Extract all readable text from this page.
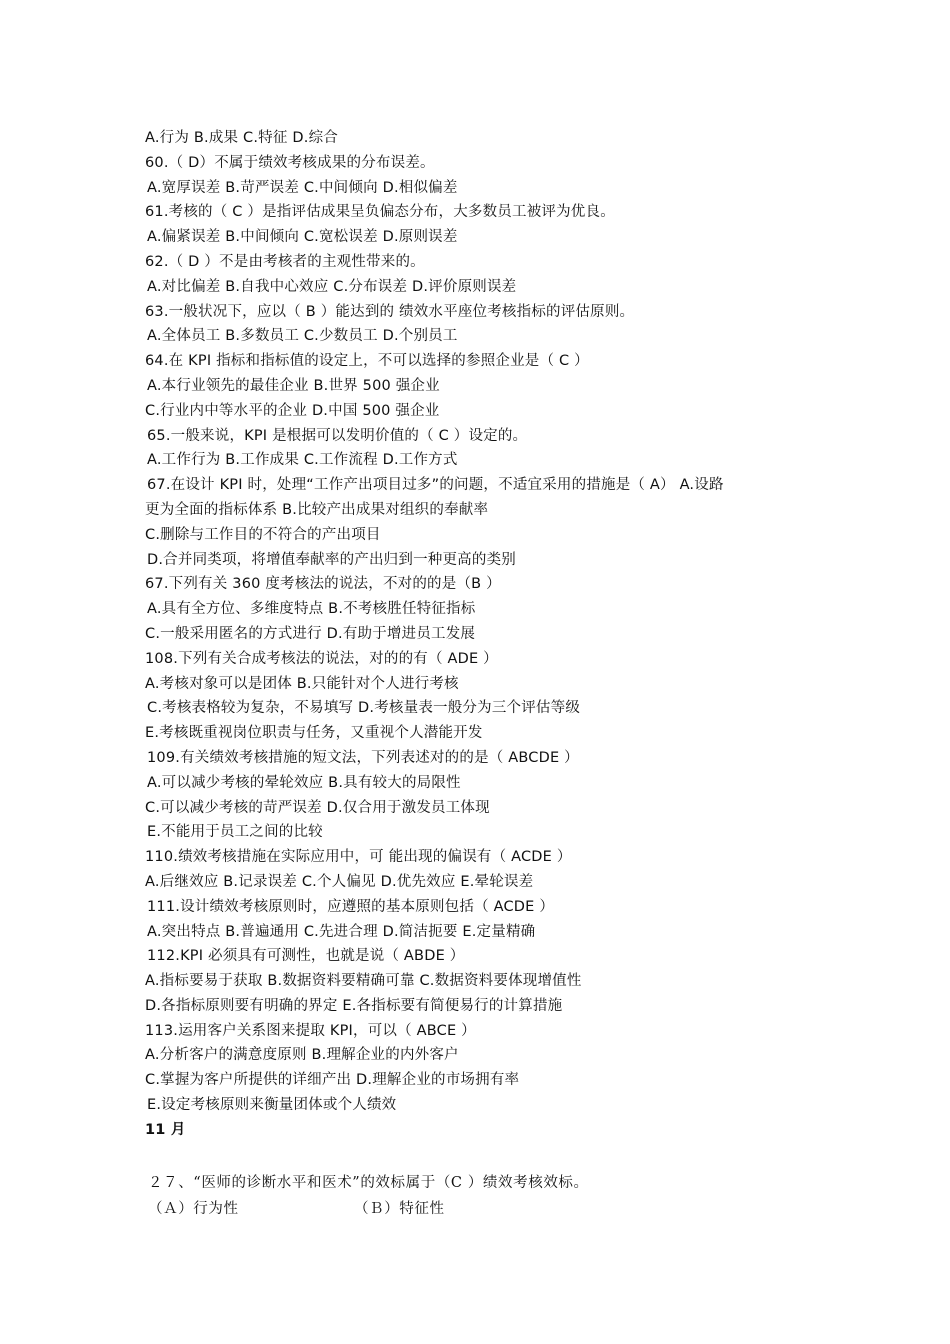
A.行为 B.成果 C.特征 D.综合
60.（ D）不属于绩效考核成果的分布误差。
A.宽厚误差 B.苛严误差 C.中间倾向 D.相似偏差
61.考核的（ C ）是指评估成果呈负偏态分布，大多数员工被评为优良。
A.偏紧误差 B.中间倾向 C.宽松误差 D.原则误差
62.（ D ）不是由考核者的主观性带来的。
A.对比偏差 B.自我中心效应 C.分布误差 D.评价原则误差
63.一般状况下，应以（ B ）能达到的 绩效水平座位考核指标的评估原则。
A.全体员工 B.多数员工 C.少数员工 D.个别员工
64.在 KPI 指标和指标值的设定上，不可以选择的参照企业是（ C ）
A.本行业领先的最佳企业 B.世界 500 强企业
C.行业内中等水平的企业 D.中国 500 强企业
65.一般来说，KPI 是根据可以发明价值的（ C ）设定的。
A.工作行为 B.工作成果 C.工作流程 D.工作方式
67.在设计 KPI 时，处理“工作产出项目过多”的问题，不适宜采用的措施是（ A） A.设路
更为全面的指标体系 B.比较产出成果对组织的奉献率
C.删除与工作目的不符合的产出项目
D.合并同类项，将增值奉献率的产出归到一种更高的类别
67.下列有关 360 度考核法的说法，不对的的是（B ）
A.具有全方位、多维度特点 B.不考核胜任特征指标
C.一般采用匿名的方式进行 D.有助于增进员工发展
108.下列有关合成考核法的说法，对的的有（ ADE ）
A.考核对象可以是团体 B.只能针对个人进行考核
C.考核表格较为复杂，不易填写 D.考核量表一般分为三个评估等级
E.考核既重视岗位职责与任务，又重视个人潜能开发
109.有关绩效考核措施的短文法，下列表述对的的是（ ABCDE ）
A.可以减少考核的晕轮效应 B.具有较大的局限性
C.可以减少考核的苛严误差 D.仅合用于激发员工体现
E.不能用于员工之间的比较
110.绩效考核措施在实际应用中，可 能出现的偏误有（ ACDE ）
A.后继效应 B.记录误差 C.个人偏见 D.优先效应 E.晕轮误差
111.设计绩效考核原则时，应遵照的基本原则包括（ ACDE ）
A.突出特点 B.普遍通用 C.先进合理 D.简洁扼要 E.定量精确
112.KPI 必须具有可测性，也就是说（ ABDE ）
A.指标要易于获取 B.数据资料要精确可靠 C.数据资料要体现增值性
D.各指标原则要有明确的界定 E.各指标要有简便易行的计算措施
113.运用客户关系图来提取 KPI，可以（ ABCE ）
A.分析客户的满意度原则 B.理解企业的内外客户
C.掌握为客户所提供的详细产出 D.理解企业的市场拥有率
E.设定考核原则来衡量团体或个人绩效
11 月
２７、“医师的诊断水平和医术”的效标属于（C ）绩效考核效标。
（Ａ）行为性	（Ｂ）特征性
